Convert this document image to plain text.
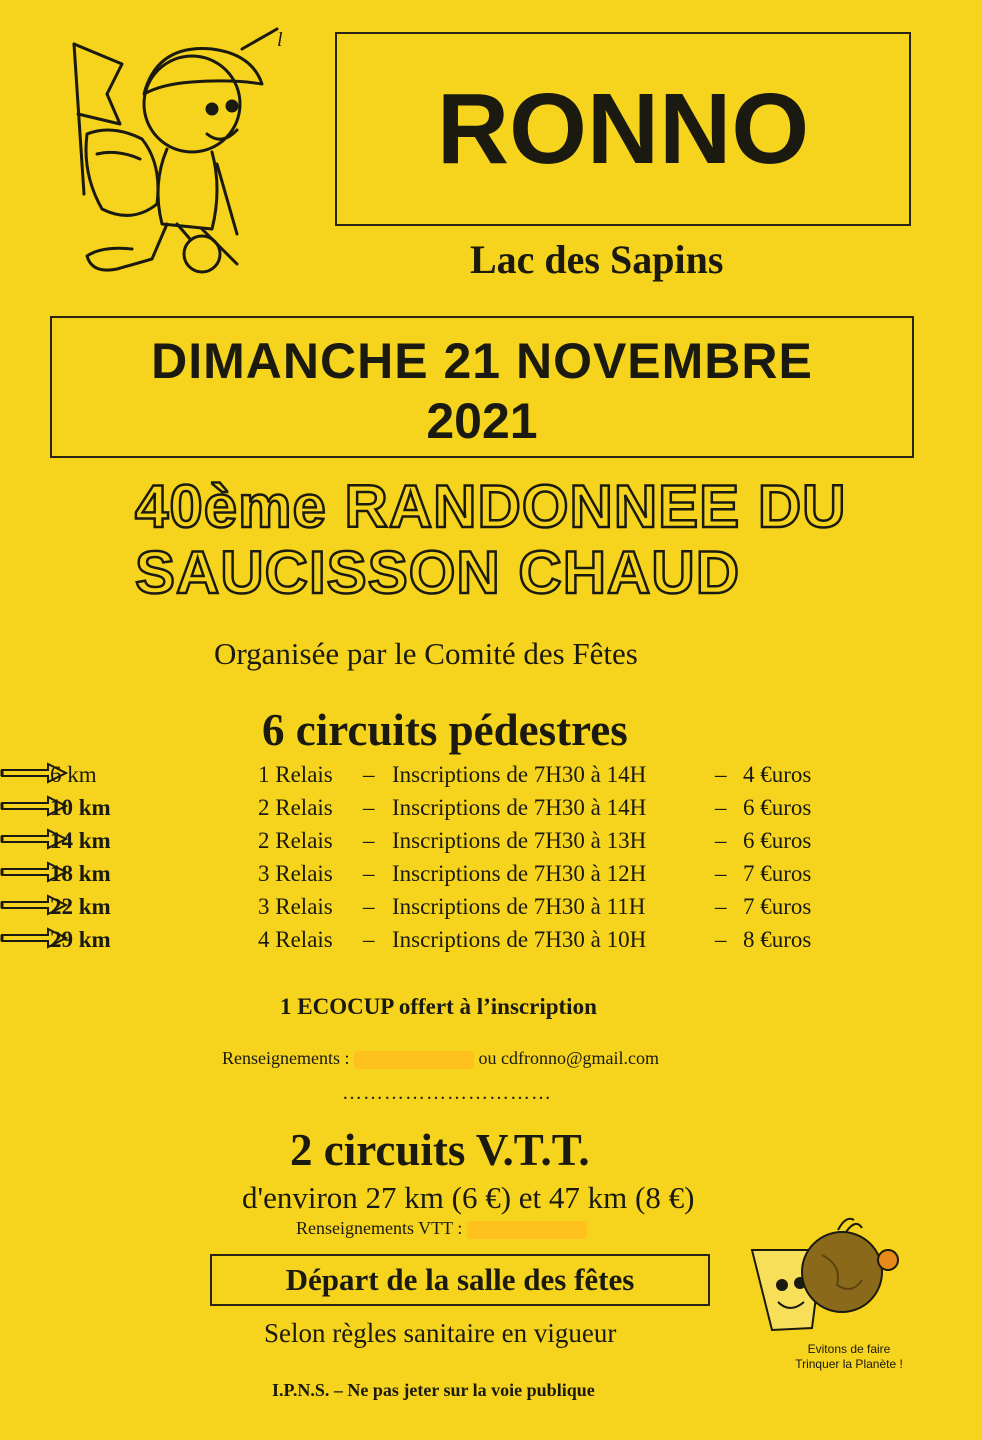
l
RONNO
Lac des Sapins
DIMANCHE 21 NOVEMBRE
2021
40ème RANDONNEE DU
SAUCISSON CHAUD
Organisée par le Comité des Fêtes
6 circuits pédestres
6 km	1 Relais – Inscriptions de 7H30 à 14H	– 4 €uros
10 km	2 Relais – Inscriptions de 7H30 à 14H	– 6 €uros
14 km	2 Relais – Inscriptions de 7H30 à 13H	– 6 €uros
18 km	3 Relais – Inscriptions de 7H30 à 12H	– 7 €uros
22 km	3 Relais – Inscriptions de 7H30 à 11H	– 7 €uros
29 km	4 Relais – Inscriptions de 7H30 à 10H	– 8 €uros
1 ECOCUP offert à l’inscription
Renseignements :	ou cdfronno@gmail.com
…………………………
2 circuits V.T.T.
d'environ 27 km (6 €) et 47 km (8 €)
Renseignements VTT :
Départ de la salle des fêtes
Selon règles sanitaire en vigueur
I.P.N.S. – Ne pas jeter sur la voie publique
Evitons de faire Trinquer la Planète !
